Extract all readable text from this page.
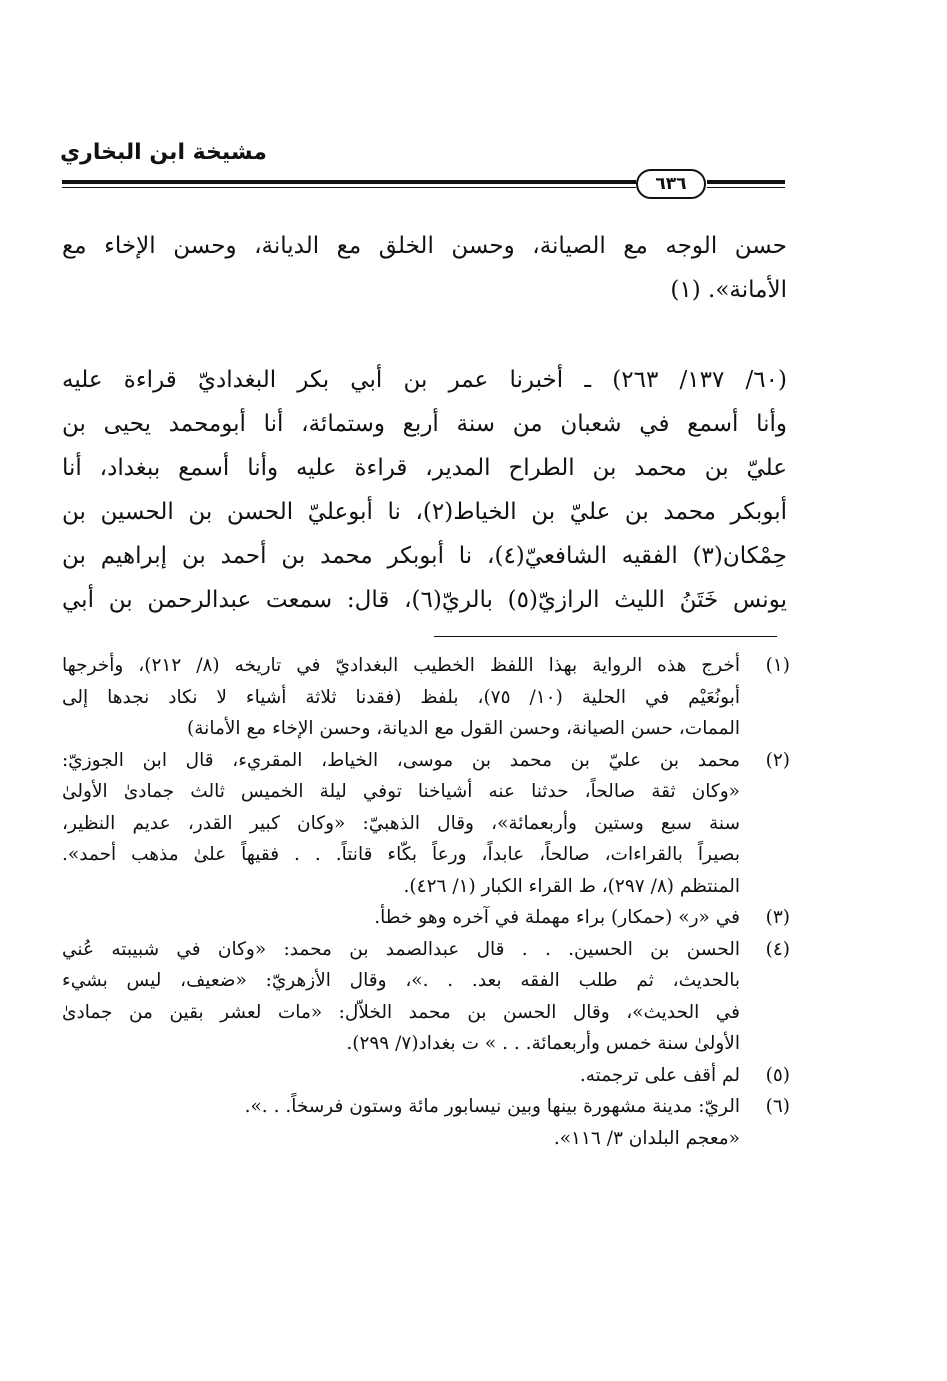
مشيخة ابن البخاري
٦٣٦

حسن الوجه مع الصيانة، وحسن الخلق مع الديانة، وحسن الإخاء مع
الأمانة». (١)

(٦٠/ ١٣٧/ ٢٦٣) ـ أخبرنا عمر بن أبي بكر البغداديّ قراءة عليه
وأنا أسمع في شعبان من سنة أربع وستمائة، أنا أبومحمد يحيى بن
عليّ بن محمد بن الطراح المدير، قراءة عليه وأنا أسمع ببغداد، أنا
أبوبكر محمد بن عليّ بن الخياط(٢)، نا أبوعليّ الحسن بن الحسين بن
حِمْكان(٣) الفقيه الشافعيّ(٤)، نا أبوبكر محمد بن أحمد بن إبراهيم بن
يونس خَتَنُ الليث الرازيّ(٥) بالريّ(٦)، قال: سمعت عبدالرحمن بن أبي

(١)
أخرج هذه الرواية بهذا اللفظ الخطيب البغداديّ في تاريخه (٨/ ٢١٢)، وأخرجها
أبونُعَيْم في الحلية (١٠/ ٧٥)، بلفظ (فقدنا ثلاثة أشياء لا نكاد نجدها إلى
الممات، حسن الصيانة، وحسن القول مع الديانة، وحسن الإخاء مع الأمانة)
(٢)
محمد بن عليّ بن محمد بن موسى، الخياط، المقريء، قال ابن الجوزيّ:
«وكان ثقة صالحاً، حدثنا عنه أشياخنا توفي ليلة الخميس ثالث جمادىٰ الأولىٰ
سنة سبع وستين وأربعمائة»، وقال الذهبيّ: «وكان كبير القدر، عديم النظير،
بصيراً بالقراءات، صالحاً، عابداً، ورعاً بكّاء قانتاً. . . فقيهاً علىٰ مذهب أحمد».
المنتظم (٨/ ٢٩٧)، ط القراء الكبار (١/ ٤٢٦).
(٣)
في «ر» (حمكار) براء مهملة في آخره وهو خطأ.
(٤)
الحسن بن الحسين. . . قال عبدالصمد بن محمد: «وكان في شبيبته عُني
بالحديث، ثم طلب الفقه بعد. . .»، وقال الأزهريّ: «ضعيف، ليس بشيء
في الحديث»، وقال الحسن بن محمد الخلاّل: «مات لعشر بقين من جمادىٰ
الأولىٰ سنة خمس وأربعمائة. . . » ت بغداد(٧/ ٢٩٩).
(٥)
لم أقف على ترجمته.
(٦)
الريّ: مدينة مشهورة بينها وبين نيسابور مائة وستون فرسخاً. . .».
«معجم البلدان ٣/ ١١٦».
